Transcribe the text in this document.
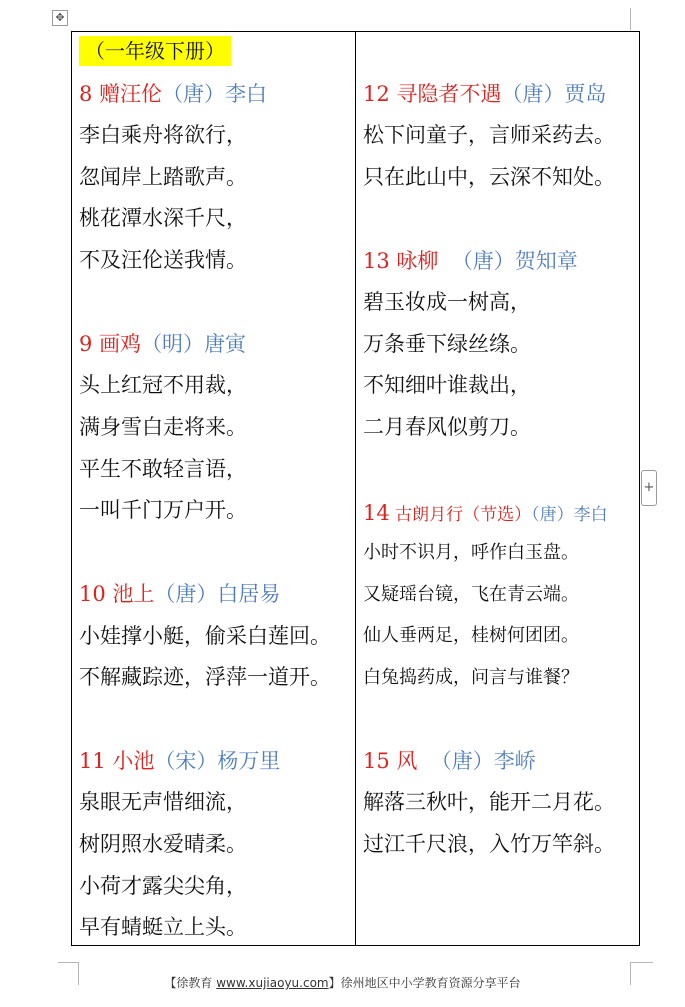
✥
+
（一年级下册）
8 赠汪伦（唐）李白
李白乘舟将欲行，
忽闻岸上踏歌声。
桃花潭水深千尺，
不及汪伦送我情。
9 画鸡（明）唐寅
头上红冠不用裁，
满身雪白走将来。
平生不敢轻言语，
一叫千门万户开。
10 池上（唐）白居易
小娃撑小艇，偷采白莲回。
不解藏踪迹，浮萍一道开。
11 小池（宋）杨万里
泉眼无声惜细流，
树阴照水爱晴柔。
小荷才露尖尖角，
早有蜻蜓立上头。
12 寻隐者不遇（唐）贾岛
松下问童子，言师采药去。
只在此山中，云深不知处。
13 咏柳 （唐）贺知章
碧玉妆成一树高，
万条垂下绿丝绦。
不知细叶谁裁出，
二月春风似剪刀。
14 古朗月行（节选）（唐）李白
小时不识月，呼作白玉盘。
又疑瑶台镜，飞在青云端。
仙人垂两足，桂树何团团。
白兔捣药成，问言与谁餐？
15 风 （唐）李峤
解落三秋叶，能开二月花。
过江千尺浪，入竹万竿斜。
【徐教育 www.xujiaoyu.com】徐州地区中小学教育资源分享平台
